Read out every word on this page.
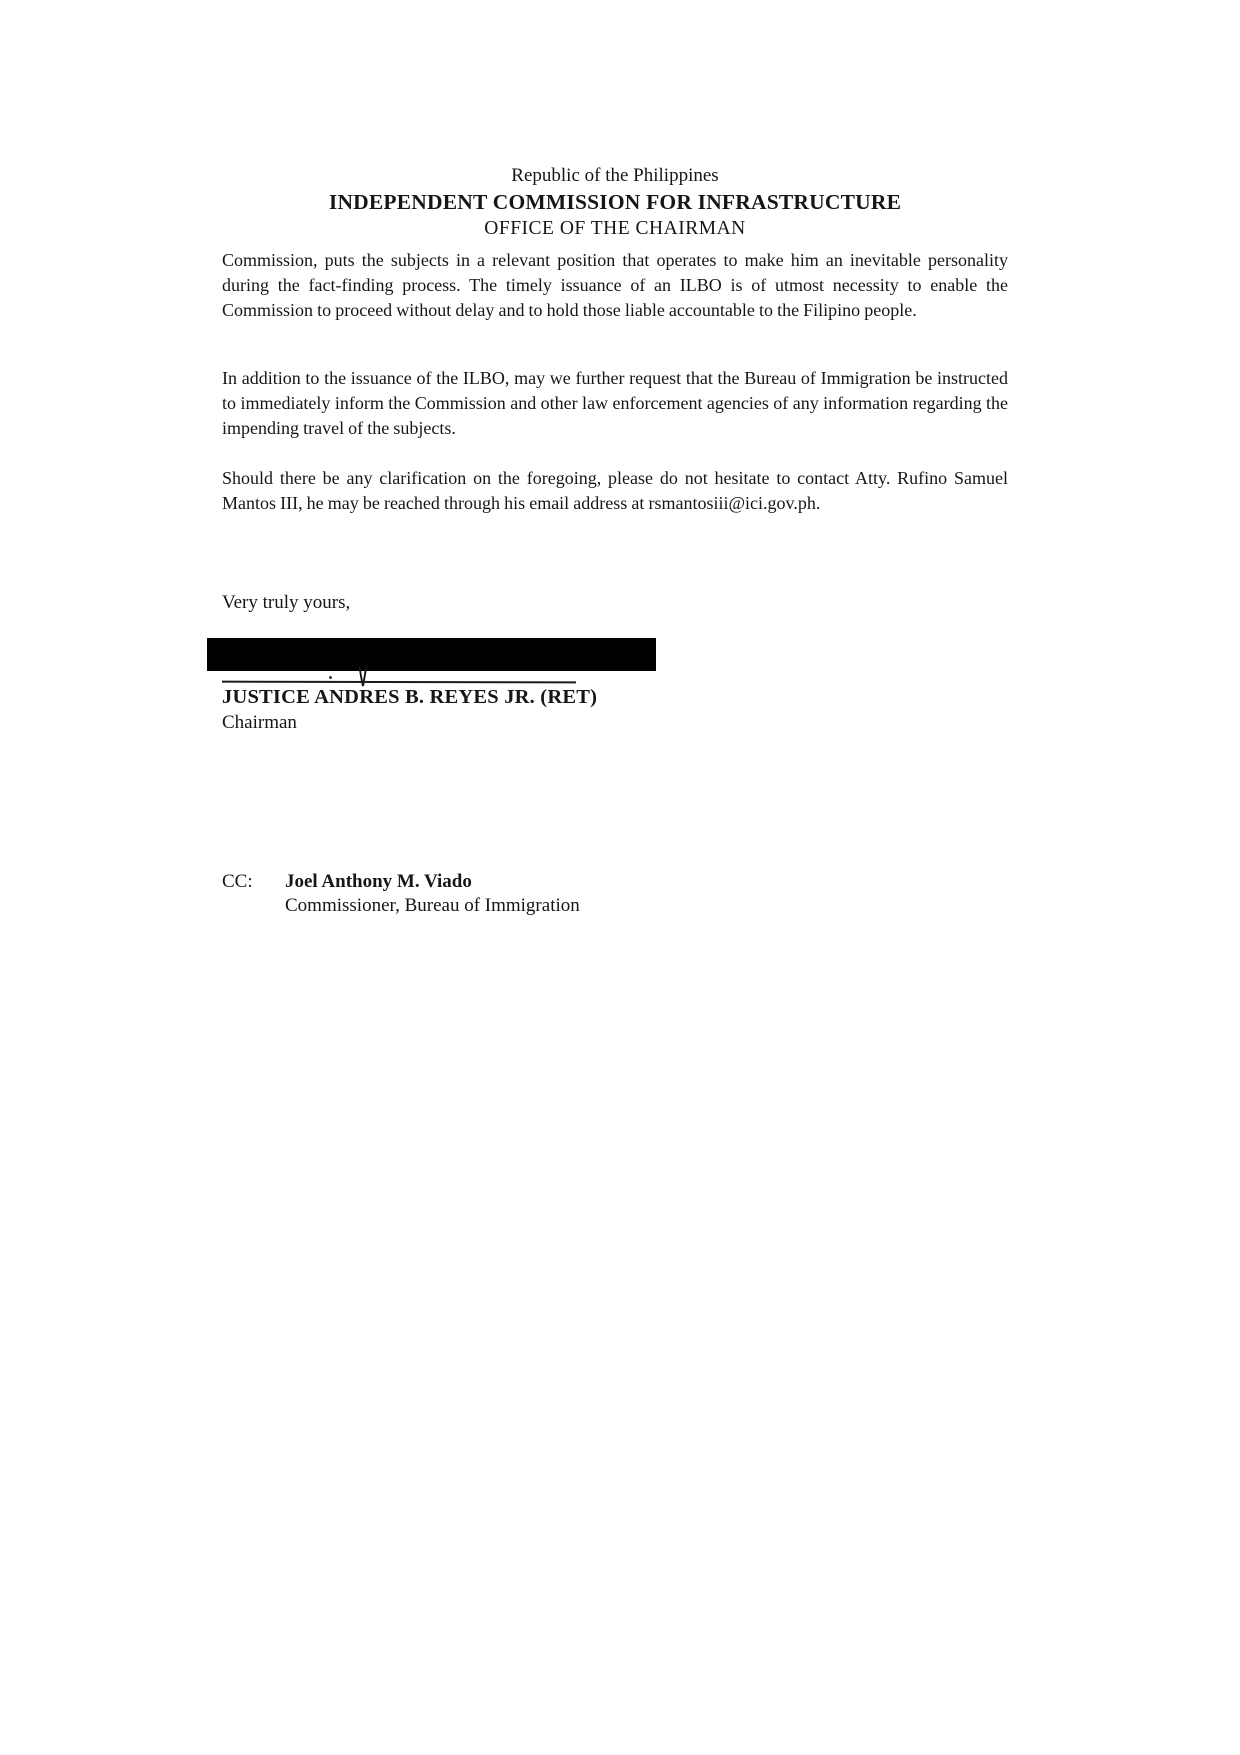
Republic of the Philippines
INDEPENDENT COMMISSION FOR INFRASTRUCTURE
OFFICE OF THE CHAIRMAN

Commission, puts the subjects in a relevant position that operates to make him an inevitable personality during the fact-finding process. The timely issuance of an ILBO is of utmost necessity to enable the Commission to proceed without delay and to hold those liable accountable to the Filipino people.

In addition to the issuance of the ILBO, may we further request that the Bureau of Immigration be instructed to immediately inform the Commission and other law enforcement agencies of any information regarding the impending travel of the subjects.

Should there be any clarification on the foregoing, please do not hesitate to contact Atty. Rufino Samuel Mantos III, he may be reached through his email address at rsmantosiii@ici.gov.ph.

Very truly yours,
JUSTICE ANDRES B. REYES JR. (RET)
Chairman
CC:	Joel Anthony M. Viado
Commissioner, Bureau of Immigration
